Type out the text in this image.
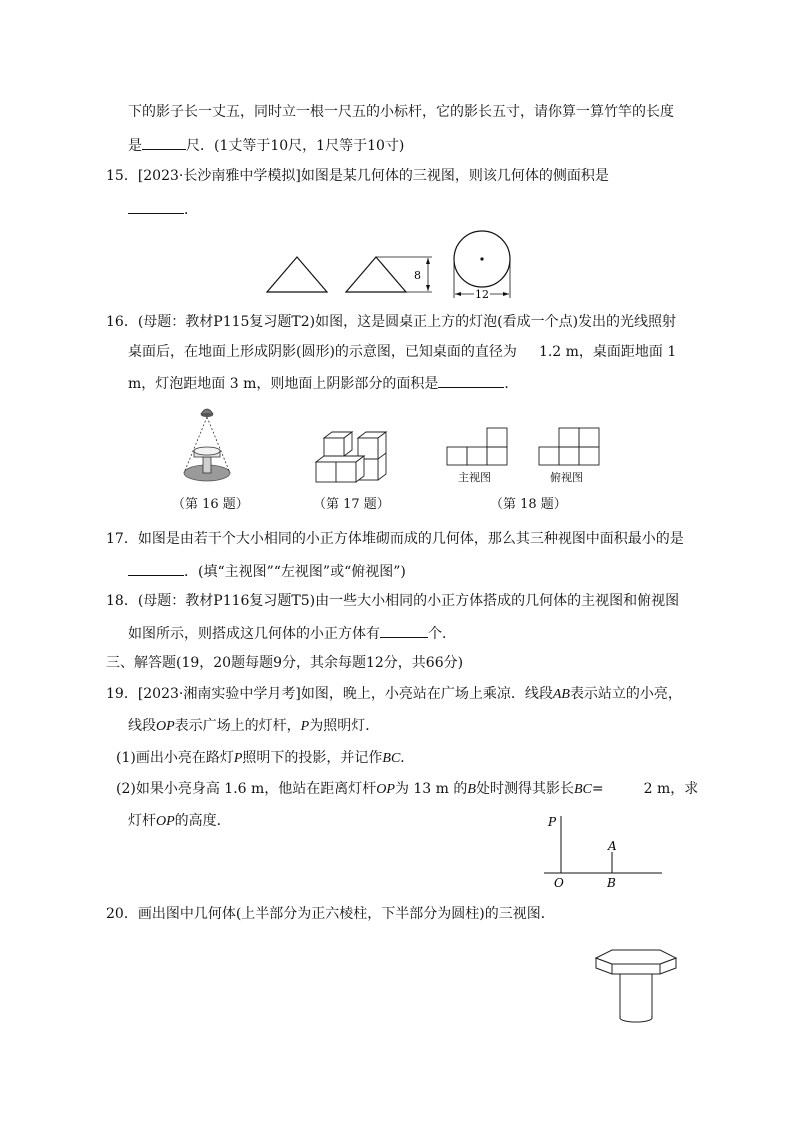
下的影子长一丈五，同时立一根一尺五的小标杆，它的影长五寸，请你算一算竹竿的长度
是	尺．(1丈等于10尺，1尺等于10寸)
15．[2023·长沙南雅中学模拟]如图是某几何体的三视图，则该几何体的侧面积是
．
8
12
16．(母题：教材P115复习题T2)如图，这是圆桌正上方的灯泡(看成一个点)发出的光线照射
桌面后，在地面上形成阴影(圆形)的示意图，已知桌面的直径为 1.2 m，桌面距地面 1
m，灯泡距地面 3 m，则地面上阴影部分的面积是	．
主视图	俯视图
（第 16 题）	（第 17 题）	（第 18 题）
17．如图是由若干个大小相同的小正方体堆砌而成的几何体，那么其三种视图中面积最小的是
．(填“主视图”“左视图”或“俯视图”)
18．(母题：教材P116复习题T5)由一些大小相同的小正方体搭成的几何体的主视图和俯视图
如图所示，则搭成这几何体的小正方体有	个．
三、解答题(19，20题每题9分，其余每题12分，共66分)
19．[2023·湘南实验中学月考]如图，晚上，小亮站在广场上乘凉．线段AB表示站立的小亮，
线段OP表示广场上的灯杆，P为照明灯．
(1)画出小亮在路灯P照明下的投影，并记作BC．
(2)如果小亮身高 1.6 m，他站在距离灯杆OP为 13 m 的B处时测得其影长BC=	2 m，求
灯杆OP的高度．	P
A
O	B
20．画出图中几何体(上半部分为正六棱柱，下半部分为圆柱)的三视图．
